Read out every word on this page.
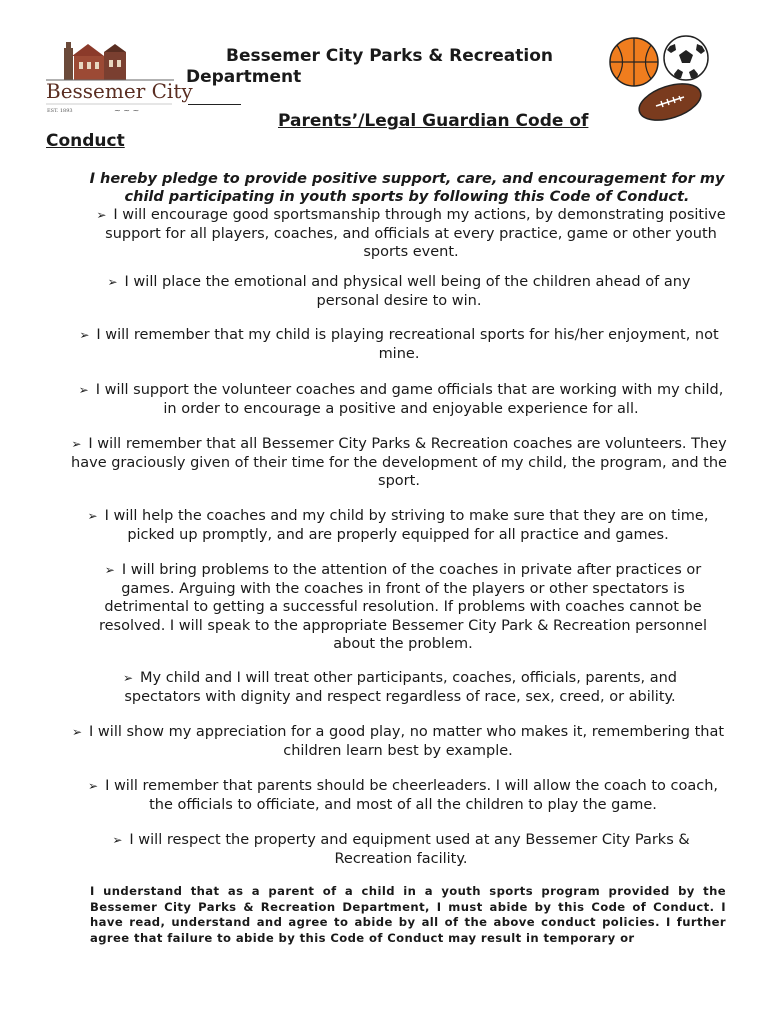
Bessemer City
EST. 1893	~ ~ ~
Bessemer City Parks & Recreation
Department
Parents’/Legal Guardian Code of
Conduct
I hereby pledge to provide positive support, care, and encouragement for my child participating in youth sports by following this Code of Conduct.
➢ I will encourage good sportsmanship through my actions, by demonstrating positive support for all players, coaches, and officials at every practice, game or other youth sports event.
➢ I will place the emotional and physical well being of the children ahead of any personal desire to win.
➢ I will remember that my child is playing recreational sports for his/her enjoyment, not mine.
➢ I will support the volunteer coaches and game officials that are working with my child, in order to encourage a positive and enjoyable experience for all.
➢ I will remember that all Bessemer City Parks & Recreation coaches are volunteers. They have graciously given of their time for the development of my child, the program, and the sport.
➢ I will help the coaches and my child by striving to make sure that they are on time, picked up promptly, and are properly equipped for all practice and games.
➢ I will bring problems to the attention of the coaches in private after practices or games. Arguing with the coaches in front of the players or other spectators is detrimental to getting a successful resolution. If problems with coaches cannot be resolved. I will speak to the appropriate Bessemer City Park & Recreation personnel about the problem.
➢ My child and I will treat other participants, coaches, officials, parents, and spectators with dignity and respect regardless of race, sex, creed, or ability.
➢ I will show my appreciation for a good play, no matter who makes it, remembering that children learn best by example.
➢ I will remember that parents should be cheerleaders. I will allow the coach to coach, the officials to officiate, and most of all the children to play the game.
➢ I will respect the property and equipment used at any Bessemer City Parks & Recreation facility.
I understand that as a parent of a child in a youth sports program provided by the Bessemer City Parks & Recreation Department, I must abide by this Code of Conduct. I have read, understand and agree to abide by all of the above conduct policies. I further agree that failure to abide by this Code of Conduct may result in temporary or
